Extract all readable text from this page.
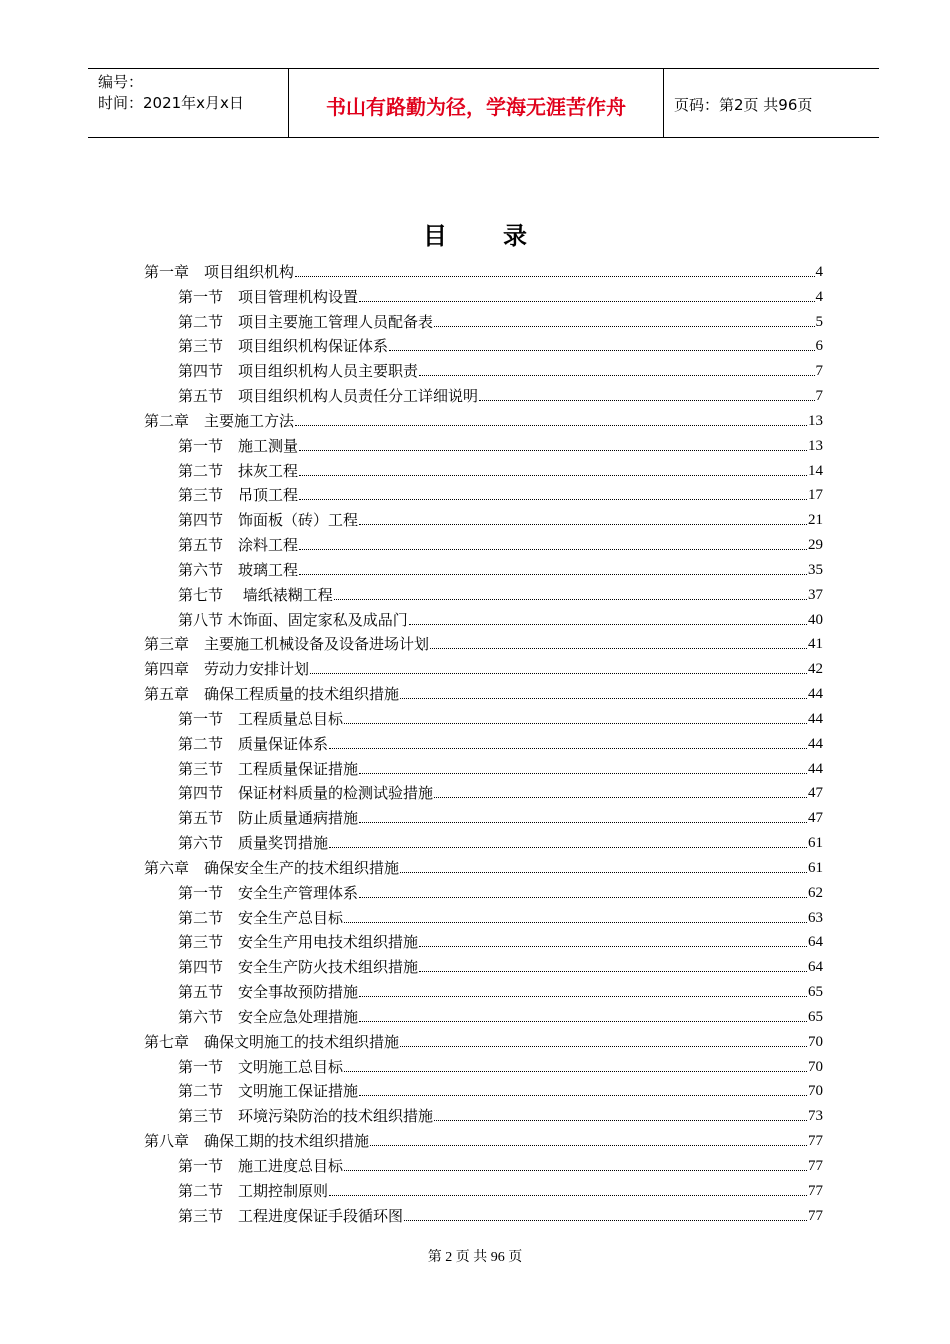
编号：
时间：2021年x月x日	书山有路勤为径，学海无涯苦作舟	页码：第2页 共96页
目录
第一章　项目组织机构	4
第一节　项目管理机构设置	4
第二节　项目主要施工管理人员配备表	5
第三节　项目组织机构保证体系	6
第四节　项目组织机构人员主要职责	7
第五节　项目组织机构人员责任分工详细说明	7
第二章　主要施工方法	13
第一节　施工测量	13
第二节　抹灰工程	14
第三节　吊顶工程	17
第四节　饰面板（砖）工程	21
第五节　涂料工程	29
第六节　玻璃工程	35
第七节　 墙纸裱糊工程	37
第八节 木饰面、固定家私及成品门	40
第三章　主要施工机械设备及设备进场计划	41
第四章　劳动力安排计划	42
第五章　确保工程质量的技术组织措施	44
第一节　工程质量总目标	44
第二节　质量保证体系	44
第三节　工程质量保证措施	44
第四节　保证材料质量的检测试验措施	47
第五节　防止质量通病措施	47
第六节　质量奖罚措施	61
第六章　确保安全生产的技术组织措施	61
第一节　安全生产管理体系	62
第二节　安全生产总目标	63
第三节　安全生产用电技术组织措施	64
第四节　安全生产防火技术组织措施	64
第五节　安全事故预防措施	65
第六节　安全应急处理措施	65
第七章　确保文明施工的技术组织措施	70
第一节　文明施工总目标	70
第二节　文明施工保证措施	70
第三节　环境污染防治的技术组织措施	73
第八章　确保工期的技术组织措施	77
第一节　施工进度总目标	77
第二节　工期控制原则	77
第三节　工程进度保证手段循环图	77
第 2 页 共 96 页
